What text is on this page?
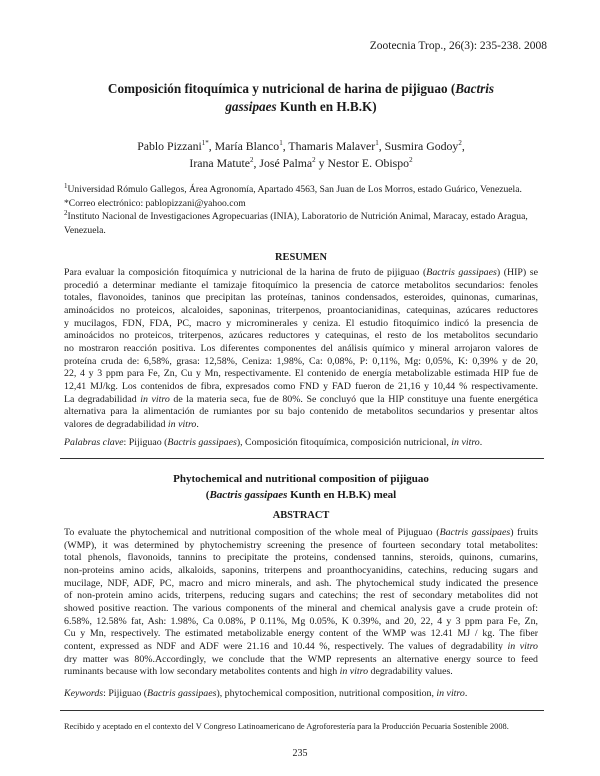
Zootecnia Trop., 26(3): 235-238. 2008
Composición fitoquímica y nutricional de harina de pijiguao (Bactris
gassipaes Kunth en H.B.K)
Pablo Pizzani$^{1*}$, María Blanco$^1$, Thamaris Malaver$^1$, Susmira Godoy$^2$,
Irana Matute$^2$, José Palma$^2$ y Nestor E. Obispo$^2$
$^1$Universidad Rómulo Gallegos, Área Agronomía, Apartado 4563, San Juan de Los Morros, estado Guárico, Venezuela.
*Correo electrónico: pablopizzani@yahoo.com
$^2$Instituto Nacional de Investigaciones Agropecuarias (INIA), Laboratorio de Nutrición Animal, Maracay, estado Aragua,
Venezuela.
RESUMEN
Para evaluar la composición fitoquímica y nutricional de la harina de fruto de pijiguao (Bactris gassipaes) (HIP) se
procedió a determinar mediante el tamizaje fitoquímico la presencia de catorce metabolitos secundarios: fenoles
totales, flavonoides, taninos que precipitan las proteínas, taninos condensados, esteroides, quinonas, cumarinas,
aminoácidos no proteicos, alcaloides, saponinas, triterpenos, proantocianidinas, catequinas, azúcares reductores
y mucilagos, FDN, FDA, PC, macro y microminerales y ceniza. El estudio fitoquímico indicó la presencia de
aminoácidos no proteicos, triterpenos, azúcares reductores y catequinas, el resto de los metabolitos secundario
no mostraron reacción positiva. Los diferentes componentes del análisis químico y mineral arrojaron valores de
proteína cruda de: 6,58%, grasa: 12,58%, Ceniza: 1,98%, Ca: 0,08%, P: 0,11%, Mg: 0,05%, K: 0,39% y de 20,
22, 4 y 3 ppm para Fe, Zn, Cu y Mn, respectivamente. El contenido de energía metabolizable estimada HIP fue de
12,41 MJ/kg. Los contenidos de fibra, expresados como FND y FAD fueron de 21,16 y 10,44 % respectivamente.
La degradabilidad in vitro de la materia seca, fue de 80%. Se concluyó que la HIP constituye una fuente energética
alternativa para la alimentación de rumiantes por su bajo contenido de metabolitos secundarios y presentar altos
valores de degradabilidad in vitro.
Palabras clave: Pijiguao (Bactris gassipaes), Composición fitoquímica, composición nutricional, in vitro.
Phytochemical and nutritional composition of pijiguao
(Bactris gassipaes Kunth en H.B.K) meal
ABSTRACT
To evaluate the phytochemical and nutritional composition of the whole meal of Pijuguao (Bactris gassipaes) fruits
(WMP), it was determined by phytochemistry screening the presence of fourteen secondary total metabolites:
total phenols, flavonoids, tannins to precipitate the proteins, condensed tannins, steroids, quinons, cumarins,
non-proteins amino acids, alkaloids, saponins, triterpens and proanthocyanidins, catechins, reducing sugars and
mucilage, NDF, ADF, PC, macro and micro minerals, and ash. The phytochemical study indicated the presence
of non-protein amino acids, triterpens, reducing sugars and catechins; the rest of secondary metabolites did not
showed positive reaction. The various components of the mineral and chemical analysis gave a crude protein of:
6.58%, 12.58% fat, Ash: 1.98%, Ca 0.08%, P 0.11%, Mg 0.05%, K 0.39%, and 20, 22, 4 y 3 ppm para Fe, Zn,
Cu y Mn, respectively. The estimated metabolizable energy content of the WMP was 12.41 MJ / kg. The fiber
content, expressed as NDF and ADF were 21.16 and 10.44 %, respectively. The values of degradability in vitro
dry matter was 80%.Accordingly, we conclude that the WMP represents an alternative energy source to feed
ruminants because with low secondary metabolites contents and high in vitro degradability values.
Keywords: Pijiguao (Bactris gassipaes), phytochemical composition, nutritional composition, in vitro.
Recibido y aceptado en el contexto del V Congreso Latinoamericano de Agroforestería para la Producción Pecuaria Sostenible 2008.
235
